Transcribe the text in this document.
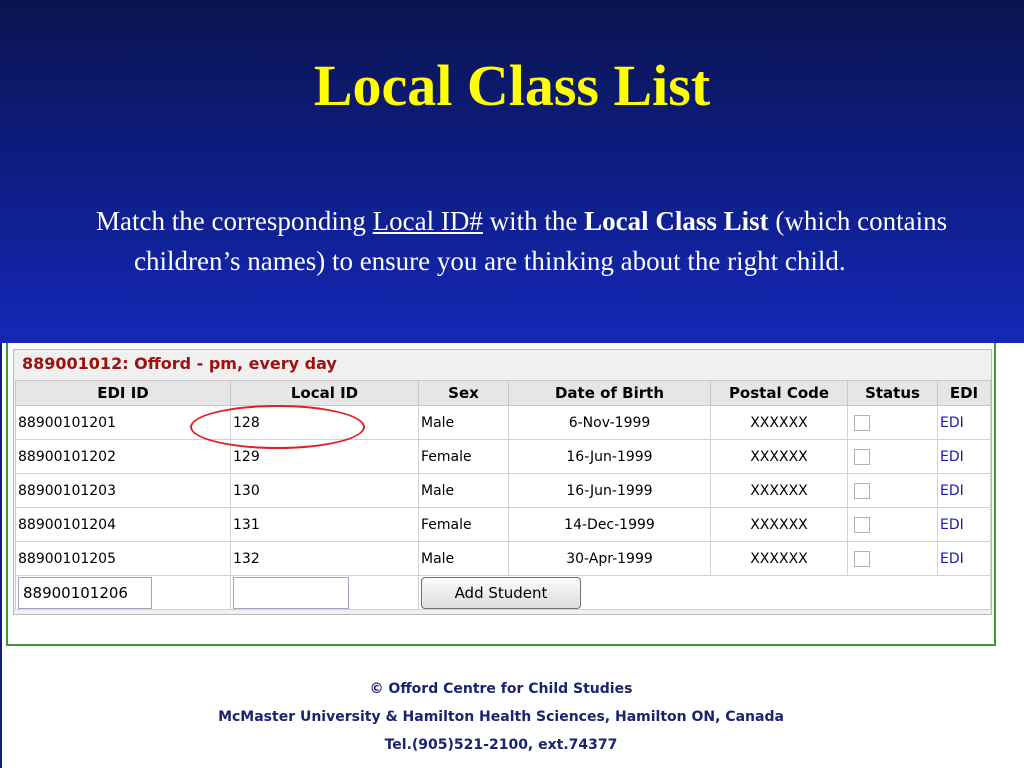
Local Class List
Match the corresponding Local ID# with the Local Class List (which contains children’s names) to ensure you are thinking about the right child.
889001012: Offord - pm, every day
EDI ID	Local ID	Sex	Date of Birth	Postal Code	Status	EDI
88900101201	128	Male	6-Nov-1999	XXXXXX		EDI
88900101202	129	Female	16-Jun-1999	XXXXXX		EDI
88900101203	130	Male	16-Jun-1999	XXXXXX		EDI
88900101204	131	Female	14-Dec-1999	XXXXXX		EDI
88900101205	132	Male	30-Apr-1999	XXXXXX		EDI
88900101206		Add Student				
© Offord Centre for Child Studies
McMaster University & Hamilton Health Sciences, Hamilton ON, Canada
Tel.(905)521-2100, ext.74377
